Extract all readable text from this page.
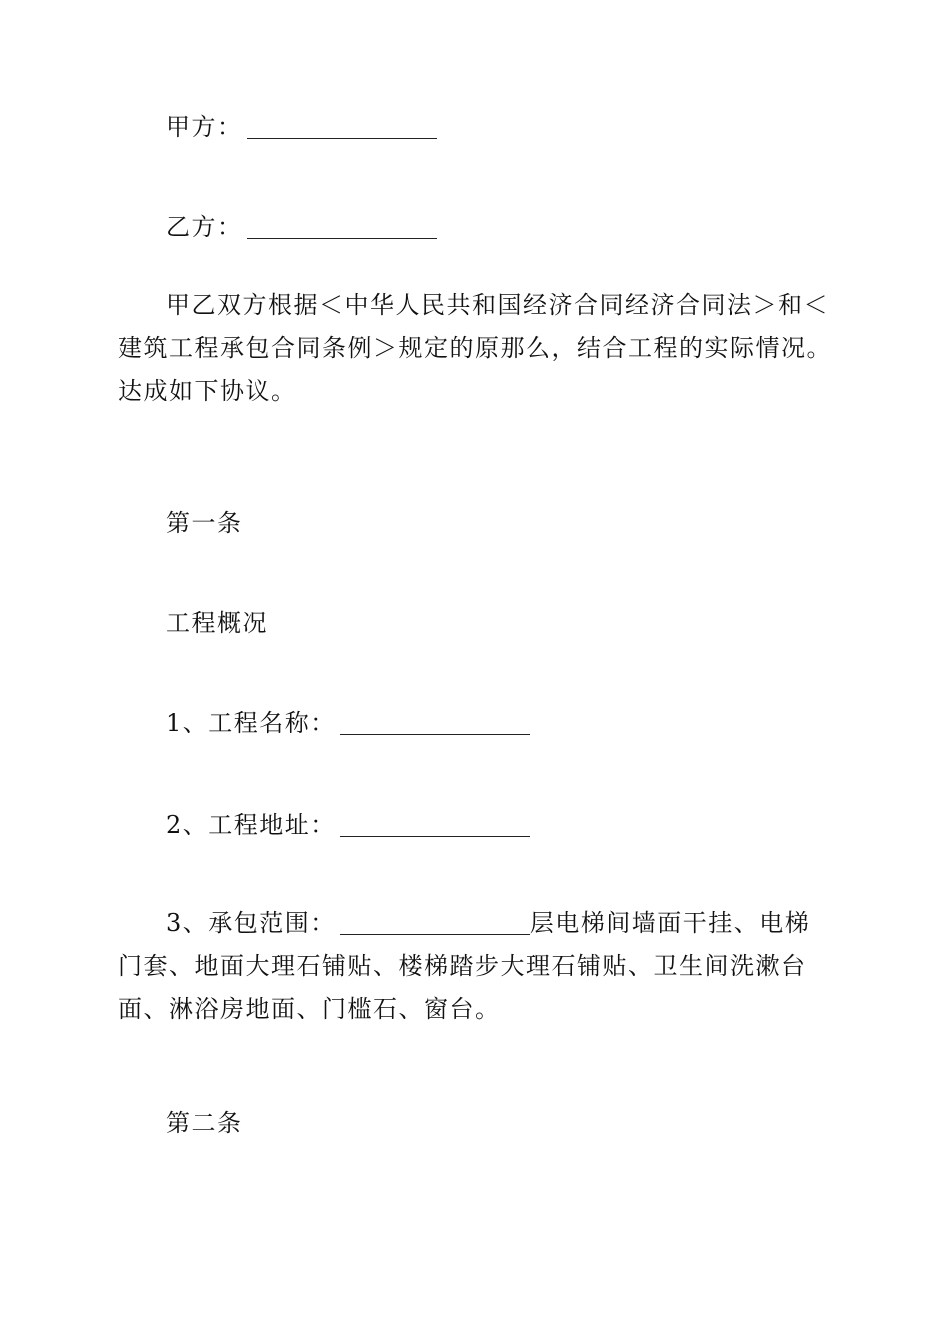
甲方：
乙方：

甲乙双方根据＜中华人民共和国经济合同经济合同法＞和＜建筑工程承包合同条例＞规定的原那么，结合工程的实际情况。达成如下协议。

第一条
工程概况
1、工程名称：
2、工程地址：

3、承包范围：	层电梯间墙面干挂、电梯门套、地面大理石铺贴、楼梯踏步大理石铺贴、卫生间洗漱台面、淋浴房地面、门槛石、窗台。

第二条
